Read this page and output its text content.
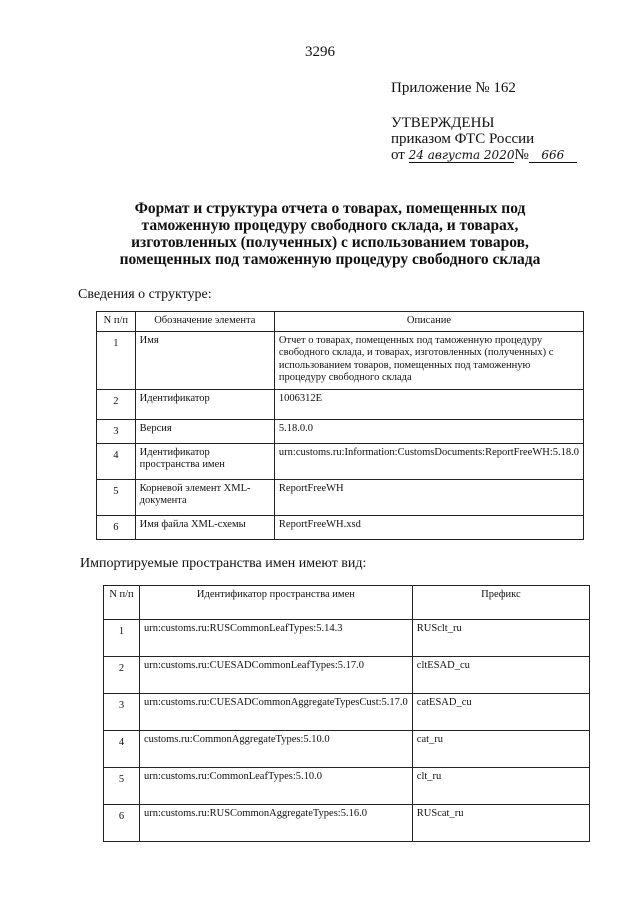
3296
Приложение № 162
УТВЕРЖДЕНЫ
приказом ФТС России
от 24 августа 2020№ 666
Формат и структура отчета о товарах, помещенных под таможенную процедуру свободного склада, и товарах, изготовленных (полученных) с использованием товаров, помещенных под таможенную процедуру свободного склада
Сведения о структуре:
N п/п	Обозначение элемента	Описание
1	Имя	Отчет о товарах, помещенных под таможенную процедуру свободного склада, и товарах, изготовленных (полученных) с использованием товаров, помещенных под таможенную процедуру свободного склада
2	Идентификатор	1006312Е
3	Версия	5.18.0.0
4	Идентификатор пространства имен	urn:customs.ru:Information:CustomsDocuments:ReportFreeWH:5.18.0
5	Корневой элемент XML-документа	ReportFreeWH
6	Имя файла XML-схемы	ReportFreeWH.xsd
Импортируемые пространства имен имеют вид:
N п/п	Идентификатор пространства имен	Префикс
1	urn:customs.ru:RUSCommonLeafTypes:5.14.3	RUSclt_ru
2	urn:customs.ru:CUESADCommonLeafTypes:5.17.0	cltESAD_cu
3	urn:customs.ru:CUESADCommonAggregateTypesCust:5.17.0	catESAD_cu
4	customs.ru:CommonAggregateTypes:5.10.0	cat_ru
5	urn:customs.ru:CommonLeafTypes:5.10.0	clt_ru
6	urn:customs.ru:RUSCommonAggregateTypes:5.16.0	RUScat_ru
